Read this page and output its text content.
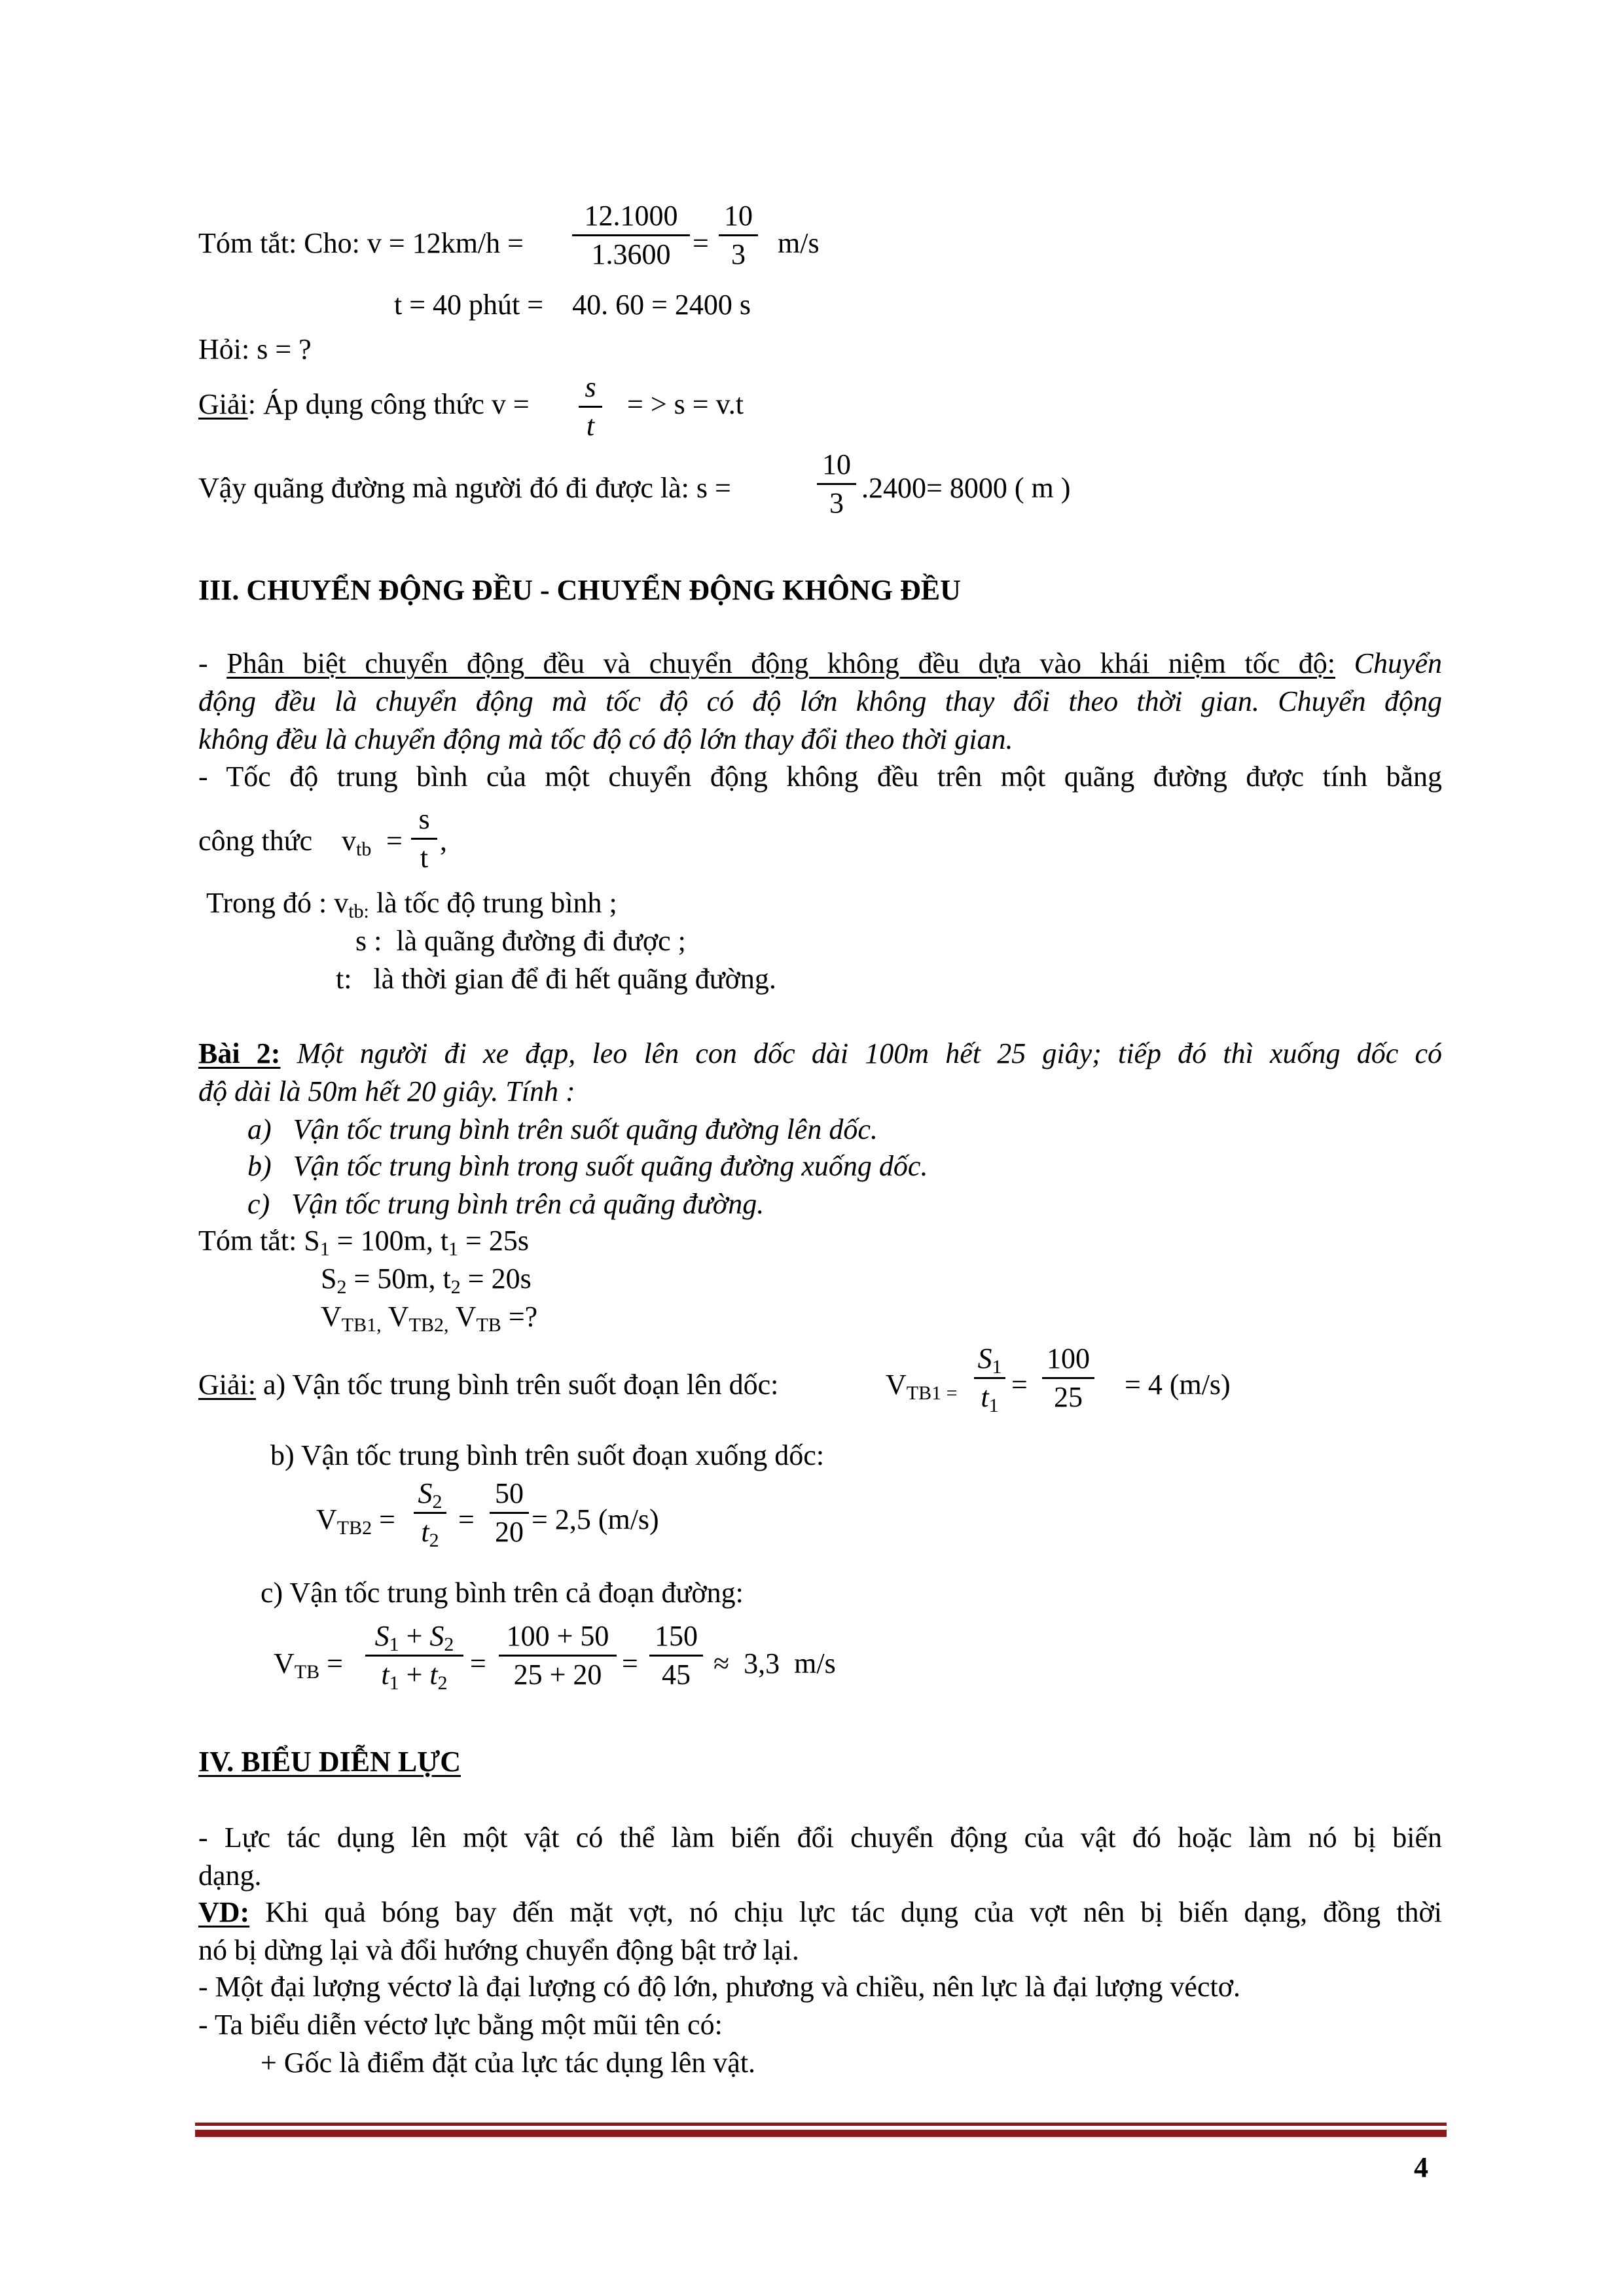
Tóm tắt: Cho: v = 12km/h =
12.1000
1.3600 =
10
3	m/s
t = 40 phút =    40. 60 = 2400 s
Hỏi: s = ?
Giải: Áp dụng công thức v =
s
t
= > s = v.t
Vậy quãng đường mà người đó đi được là: s =
10
3 .2400= 8000 ( m )
III. CHUYỂN ĐỘNG ĐỀU - CHUYỂN ĐỘNG KHÔNG ĐỀU
- Phân biệt chuyển động đều và chuyển động không đều dựa vào khái niệm tốc độ: Chuyển
động đều là chuyển động mà tốc độ có độ lớn không thay đổi theo thời gian. Chuyển động
không đều là chuyển động mà tốc độ có độ lớn thay đổi theo thời gian.
- Tốc độ trung bình của một chuyển động không đều trên một quãng đường được tính bằng
công thức $v_{tb}$ =
s
t
,
Trong đó : $v_{tb:}$ là tốc độ trung bình ;
s :  là quãng đường đi được ;
t:   là thời gian để đi hết quãng đường.
Bài 2: Một người đi xe đạp, leo lên con dốc dài 100m hết 25 giây; tiếp đó thì xuống dốc có
độ dài là 50m hết 20 giây. Tính :
a)   Vận tốc trung bình trên suốt quãng đường lên dốc.
b)   Vận tốc trung bình trong suốt quãng đường xuống dốc.
c)   Vận tốc trung bình trên cả quãng đường.
Tóm tắt: $S_1 = 100m$, $t_1 = 25s$
$S_2 = 50m$, $t_2 = 20s$
$V_{TB1,}$ $V_{TB2,}$ $V_{TB}$ =?
Giải: a) Vận tốc trung bình trên suốt đoạn lên dốc:	$V_{TB1 =}$
$S_1$
$t_1$
=
100
25	= 4 (m/s)
b) Vận tốc trung bình trên suốt đoạn xuống dốc:
$V_{TB2}$ =
$S_2$
$t_2$
=
50
20 = 2,5 (m/s)
c) Vận tốc trung bình trên cả đoạn đường:
$V_{TB}$ =
$S_1 + S_2$
$t_1 + t_2$
=
100 + 50
25 + 20 =
150
45 ≈  3,3  m/s
IV. BIỂU DIỄN LỰC
- Lực tác dụng lên một vật có thể làm biến đổi chuyển động của vật đó hoặc làm nó bị biến
dạng.
VD: Khi quả bóng bay đến mặt vợt, nó chịu lực tác dụng của vợt nên bị biến dạng, đồng thời
nó bị dừng lại và đổi hướng chuyển động bật trở lại.
- Một đại lượng véctơ là đại lượng có độ lớn, phương và chiều, nên lực là đại lượng véctơ.
- Ta biểu diễn véctơ lực bằng một mũi tên có:
+ Gốc là điểm đặt của lực tác dụng lên vật.
4
